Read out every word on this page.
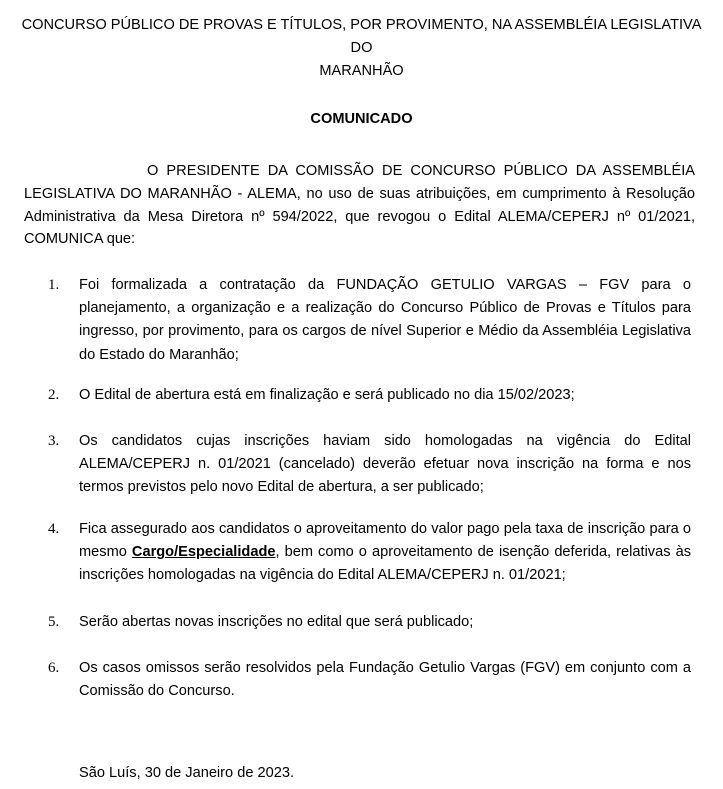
CONCURSO PÚBLICO DE PROVAS E TÍTULOS, POR PROVIMENTO, NA ASSEMBLÉIA LEGISLATIVA DO
MARANHÃO
COMUNICADO
O PRESIDENTE DA COMISSÃO DE CONCURSO PÚBLICO DA ASSEMBLÉIA LEGISLATIVA DO MARANHÃO - ALEMA, no uso de suas atribuições, em cumprimento à Resolução Administrativa da Mesa Diretora nº 594/2022, que revogou o Edital ALEMA/CEPERJ nº 01/2021, COMUNICA que:
1.	Foi formalizada a contratação da FUNDAÇÃO GETULIO VARGAS – FGV para o planejamento, a organização e a realização do Concurso Público de Provas e Títulos para ingresso, por provimento, para os cargos de nível Superior e Médio da Assembléia Legislativa do Estado do Maranhão;
2.	O Edital de abertura está em finalização e será publicado no dia 15/02/2023;
3.	Os candidatos cujas inscrições haviam sido homologadas na vigência do Edital ALEMA/CEPERJ n. 01/2021 (cancelado) deverão efetuar nova inscrição na forma e nos termos previstos pelo novo Edital de abertura, a ser publicado;
4.	Fica assegurado aos candidatos o aproveitamento do valor pago pela taxa de inscrição para o mesmo Cargo/Especialidade, bem como o aproveitamento de isenção deferida, relativas às inscrições homologadas na vigência do Edital ALEMA/CEPERJ n. 01/2021;
5.	Serão abertas novas inscrições no edital que será publicado;
6.	Os casos omissos serão resolvidos pela Fundação Getulio Vargas (FGV) em conjunto com a Comissão do Concurso.
São Luís, 30 de Janeiro de 2023.
